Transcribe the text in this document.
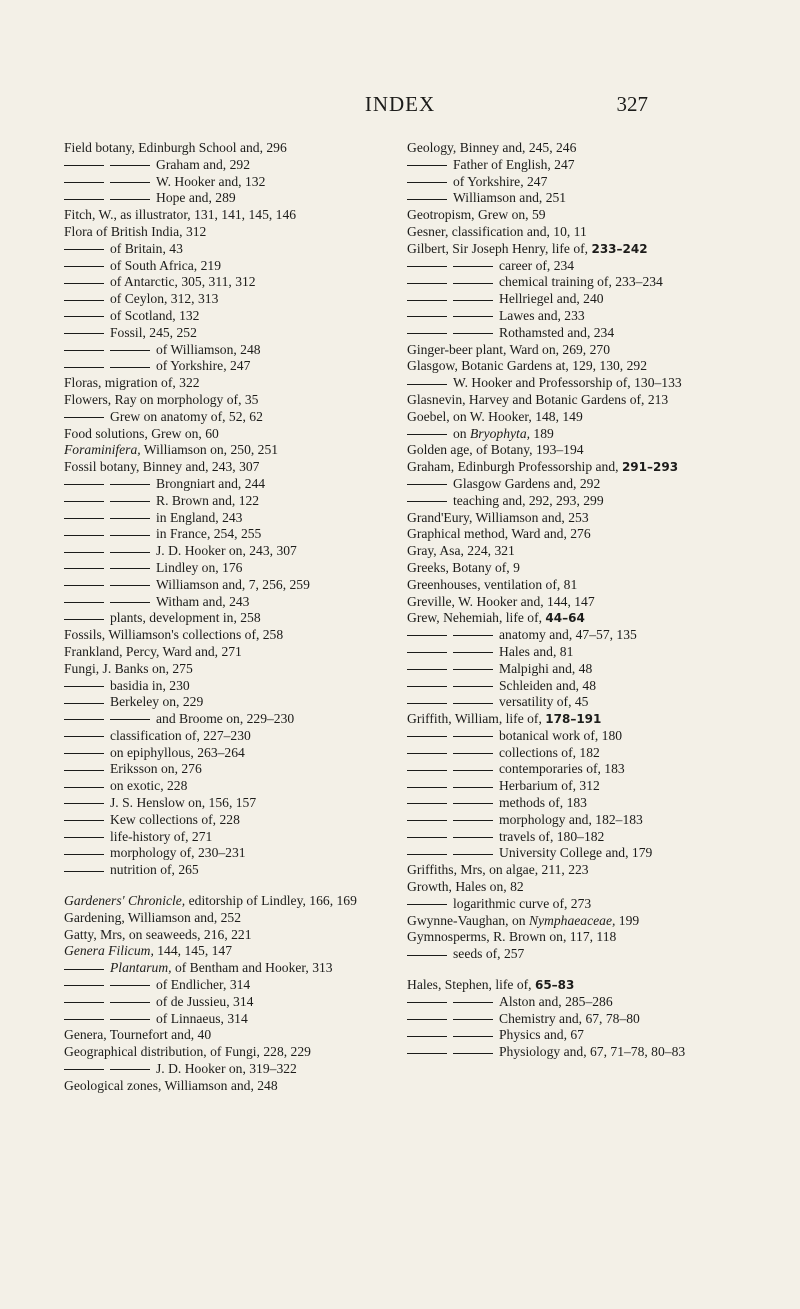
INDEX	327
Field botany, Edinburgh School and, 296
Graham and, 292
W. Hooker and, 132
Hope and, 289
Fitch, W., as illustrator, 131, 141, 145, 146
Flora of British India, 312
of Britain, 43
of South Africa, 219
of Antarctic, 305, 311, 312
of Ceylon, 312, 313
of Scotland, 132
Fossil, 245, 252
of Williamson, 248
of Yorkshire, 247
Floras, migration of, 322
Flowers, Ray on morphology of, 35
Grew on anatomy of, 52, 62
Food solutions, Grew on, 60
Foraminifera, Williamson on, 250, 251
Fossil botany, Binney and, 243, 307
Brongniart and, 244
R. Brown and, 122
in England, 243
in France, 254, 255
J. D. Hooker on, 243, 307
Lindley on, 176
Williamson and, 7, 256, 259
Witham and, 243
plants, development in, 258
Fossils, Williamson's collections of, 258
Frankland, Percy, Ward and, 271
Fungi, J. Banks on, 275
basidia in, 230
Berkeley on, 229
and Broome on, 229–230
classification of, 227–230
on epiphyllous, 263–264
Eriksson on, 276
on exotic, 228
J. S. Henslow on, 156, 157
Kew collections of, 228
life-history of, 271
morphology of, 230–231
nutrition of, 265
Gardeners' Chronicle, editorship of Lindley, 166, 169
Gardening, Williamson and, 252
Gatty, Mrs, on seaweeds, 216, 221
Genera Filicum, 144, 145, 147
Plantarum, of Bentham and Hooker, 313
of Endlicher, 314
of de Jussieu, 314
of Linnaeus, 314
Genera, Tournefort and, 40
Geographical distribution, of Fungi, 228, 229
J. D. Hooker on, 319–322
Geological zones, Williamson and, 248
Geology, Binney and, 245, 246
Father of English, 247
of Yorkshire, 247
Williamson and, 251
Geotropism, Grew on, 59
Gesner, classification and, 10, 11
Gilbert, Sir Joseph Henry, life of, 233–242
career of, 234
chemical training of, 233–234
Hellriegel and, 240
Lawes and, 233
Rothamsted and, 234
Ginger-beer plant, Ward on, 269, 270
Glasgow, Botanic Gardens at, 129, 130, 292
W. Hooker and Professorship of, 130–133
Glasnevin, Harvey and Botanic Gardens of, 213
Goebel, on W. Hooker, 148, 149
on Bryophyta, 189
Golden age, of Botany, 193–194
Graham, Edinburgh Professorship and, 291–293
Glasgow Gardens and, 292
teaching and, 292, 293, 299
Grand'Eury, Williamson and, 253
Graphical method, Ward and, 276
Gray, Asa, 224, 321
Greeks, Botany of, 9
Greenhouses, ventilation of, 81
Greville, W. Hooker and, 144, 147
Grew, Nehemiah, life of, 44–64
anatomy and, 47–57, 135
Hales and, 81
Malpighi and, 48
Schleiden and, 48
versatility of, 45
Griffith, William, life of, 178–191
botanical work of, 180
collections of, 182
contemporaries of, 183
Herbarium of, 312
methods of, 183
morphology and, 182–183
travels of, 180–182
University College and, 179
Griffiths, Mrs, on algae, 211, 223
Growth, Hales on, 82
logarithmic curve of, 273
Gwynne-Vaughan, on Nymphaeaceae, 199
Gymnosperms, R. Brown on, 117, 118
seeds of, 257
Hales, Stephen, life of, 65–83
Alston and, 285–286
Chemistry and, 67, 78–80
Physics and, 67
Physiology and, 67, 71–78, 80–83
